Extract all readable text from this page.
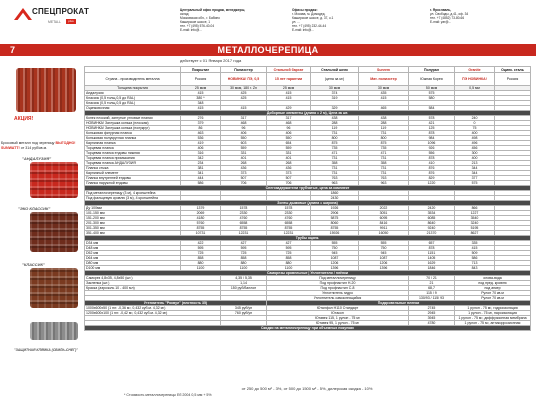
СПЕЦПРОКАТ
METALL	plus
Центральный офис продаж, менеджеры,
склад
Московская обл., г. Бабино
Каширское шоссе, 1
тел. +7 (495) 576-40-04
E-mail: info@...
Офисы продаж:
г. Москва, м. Домодед.
Каширское шоссе, д. 37, к.1
ул. ...
тел. +7 (495) 232-44-44
E-mail: info@...
г. Ярославль,
ул. Свободы, д.41, оф. 34
тел. +7 (4852) 73-80-66
E-mail: yar@...
7	МЕТАЛЛОЧЕРЕПИЦА
действует с 01 Января 2017 года
АКЦИЯ!
Бросовый металл под черепицу ВЫГОДНО! SUNWATT! от 314 руб/кв.м.
"АНДАЛУЗИЯ"
"ЭКО КЛАССИК"
"КЛАССИК"
"ЗАЩИТНАЯ КЛЯМКА (СВИЛЬ-СНЕГ)"
	Покрытие	Полиэстер	Стальной бархат	Стальной шелк	Sunrem	Полурал	Granite	Оцинк. сталь
Страна - производитель металла	Россия	НОВИНКА! ПЭ, 0,5	15 лет гарантии	(цена за м²)	Мат. полиэстер	Южная Корея	ПЭ НОВИНКА!	Россия
Толщина покрытия	25 мкм	30 мкм, 180 г. Zn	25 мкм	30 мкм	30 мкм	50 мкм	0,5 мм	
Андалузия	415	425	415	374	435	575		
Классик (0,5 толщ.0,5 до RAL)	380 *	425	415	319	415	580		
Классик (0,5 толщ.0,5 до RAL)	348							
Оцинковочная	415	415	429	329	465	584		
Доборные элементы (длина = 2 м), Цена за шт.								
Конек плоский, загнутые угловые планки	276	317	317	438	438	578	240	
НОВИНКА! Заглушка конька (плоская)	379	468	468	288	288	421	0	
НОВИНКА! Заглушка конька (полукруг)	86	96	96	119	119	125	75	
Коньковая фигурная планка	463	406	406	731	731	878	400	
Коньковая полукруглая планка	536	550	550	800	800	984	498	
Карнизная планка	419	603	654	875	875	1096	496	
Торцевая планка	406	559	559	735	735	926	456	
Торцевая планка ендовы нижняя	316	331	331	471	471	556	300	
Торцевая планка примыкания	342	401	401	731	731	878	400	
Торцевая планка АНДАЛУЗИЯ	234	268	268	358	358	410	213	
Планка стыка	381	436	436	731	731	876	344	
Карнизный элемент	341	373	373	731	731	876	344	
Планка внутренней ендовы	444	507	507	763	763	829	377	
Планка наружной ендовы	586	706	706	963	963	1220	575	
Снегозадержатели трубчатые, цена за комплект								
Под металлочерепицу (3 м), 4 кронштейна				1860				
Под фальцевую кровлю (3 м), 4 кронштейна				2430				
Зонты дымовые (длина = ширина)								
Ду 100мм	1379	1578	1578	1926	2022	2420	866	
101-150 мм	2069	2330	2330	2906	3051	3534	1227	
151-200 мм	4180	4760	4760	5875	6095	6085	3540	
201-300 мм	5760	6558	6558	8060	8416	8640	3240	
301-350 мм	8755	8755	8755	8755	9911	9240	5195	
351-400 мм	10731	12231	12231	15926	16050	21370	8627	
Трубы оцинк.								
D34 мм	422	427	427	555	555	657	335	
D48 мм	595	595	595	750	750	878	415	
D52 мм	725	725	725	945	945	1151	509	
D64 мм	858	858	858	1087	1087	1405	586	
D80 мм	880	880	880	1206	1206	1629	713	
D100 мм	1100	1100	1100	1396	1396	1846	843	
Саморезы кровельные | Уплотнители / плёнки								
Саморез 4,8х35, 4,8х50 (шт.)		4,35 / 5,35	Под металлочерепицу			70 / 21	олова-вода	
Заклепка (шт.)		1,14	Под профнастил Н-20			21	под пред. кровлю	
Краска (аэрозоль 10 - 400 мл)		150 руб/баллон	Под профнастил С-8			68,7	под анкер	
			Уплотнитель гидро			115 / 9	Рулон 70 кв.м	
			Уплотнитель самоклеящийся			130/93 / 115/ 93	Рулон 70 кв.м	
Утеплитель "Роквул" (плотность 35)			Подкровельные пленки					
1000х600х50 (1 пл: -0,36 м², 0,432 куб.м. 4,32 м²)		345 руб/уп	Юталфол Н110 Стандарт			2745	1 рулон - 75 м², гидроизоляция	
1200х600х100 (1 пл: -0,42 м², 0,432 куб.м. 4,32 м²)		760 руб/уп	Ютакон			2945	1 рулон - 75 м², пароизоляция	
			Ютавек 115, 1 рулон - 75 м²			3945	1 рулон - 75 м², диффузионная мембрана	
			Ютавек 95, 1 рулон - 75 м²			4780	1 рулон - 75 м², антикоррозионная	
Скидки на металлочерепицу при объемных покупках								
от 250 до 500 м² - 3%, от 500 до 1500 м² - 5%, дилерская скидка - 10%
* Стоимость металлочерепицы Еб 2004 0,5 мм + 5%
